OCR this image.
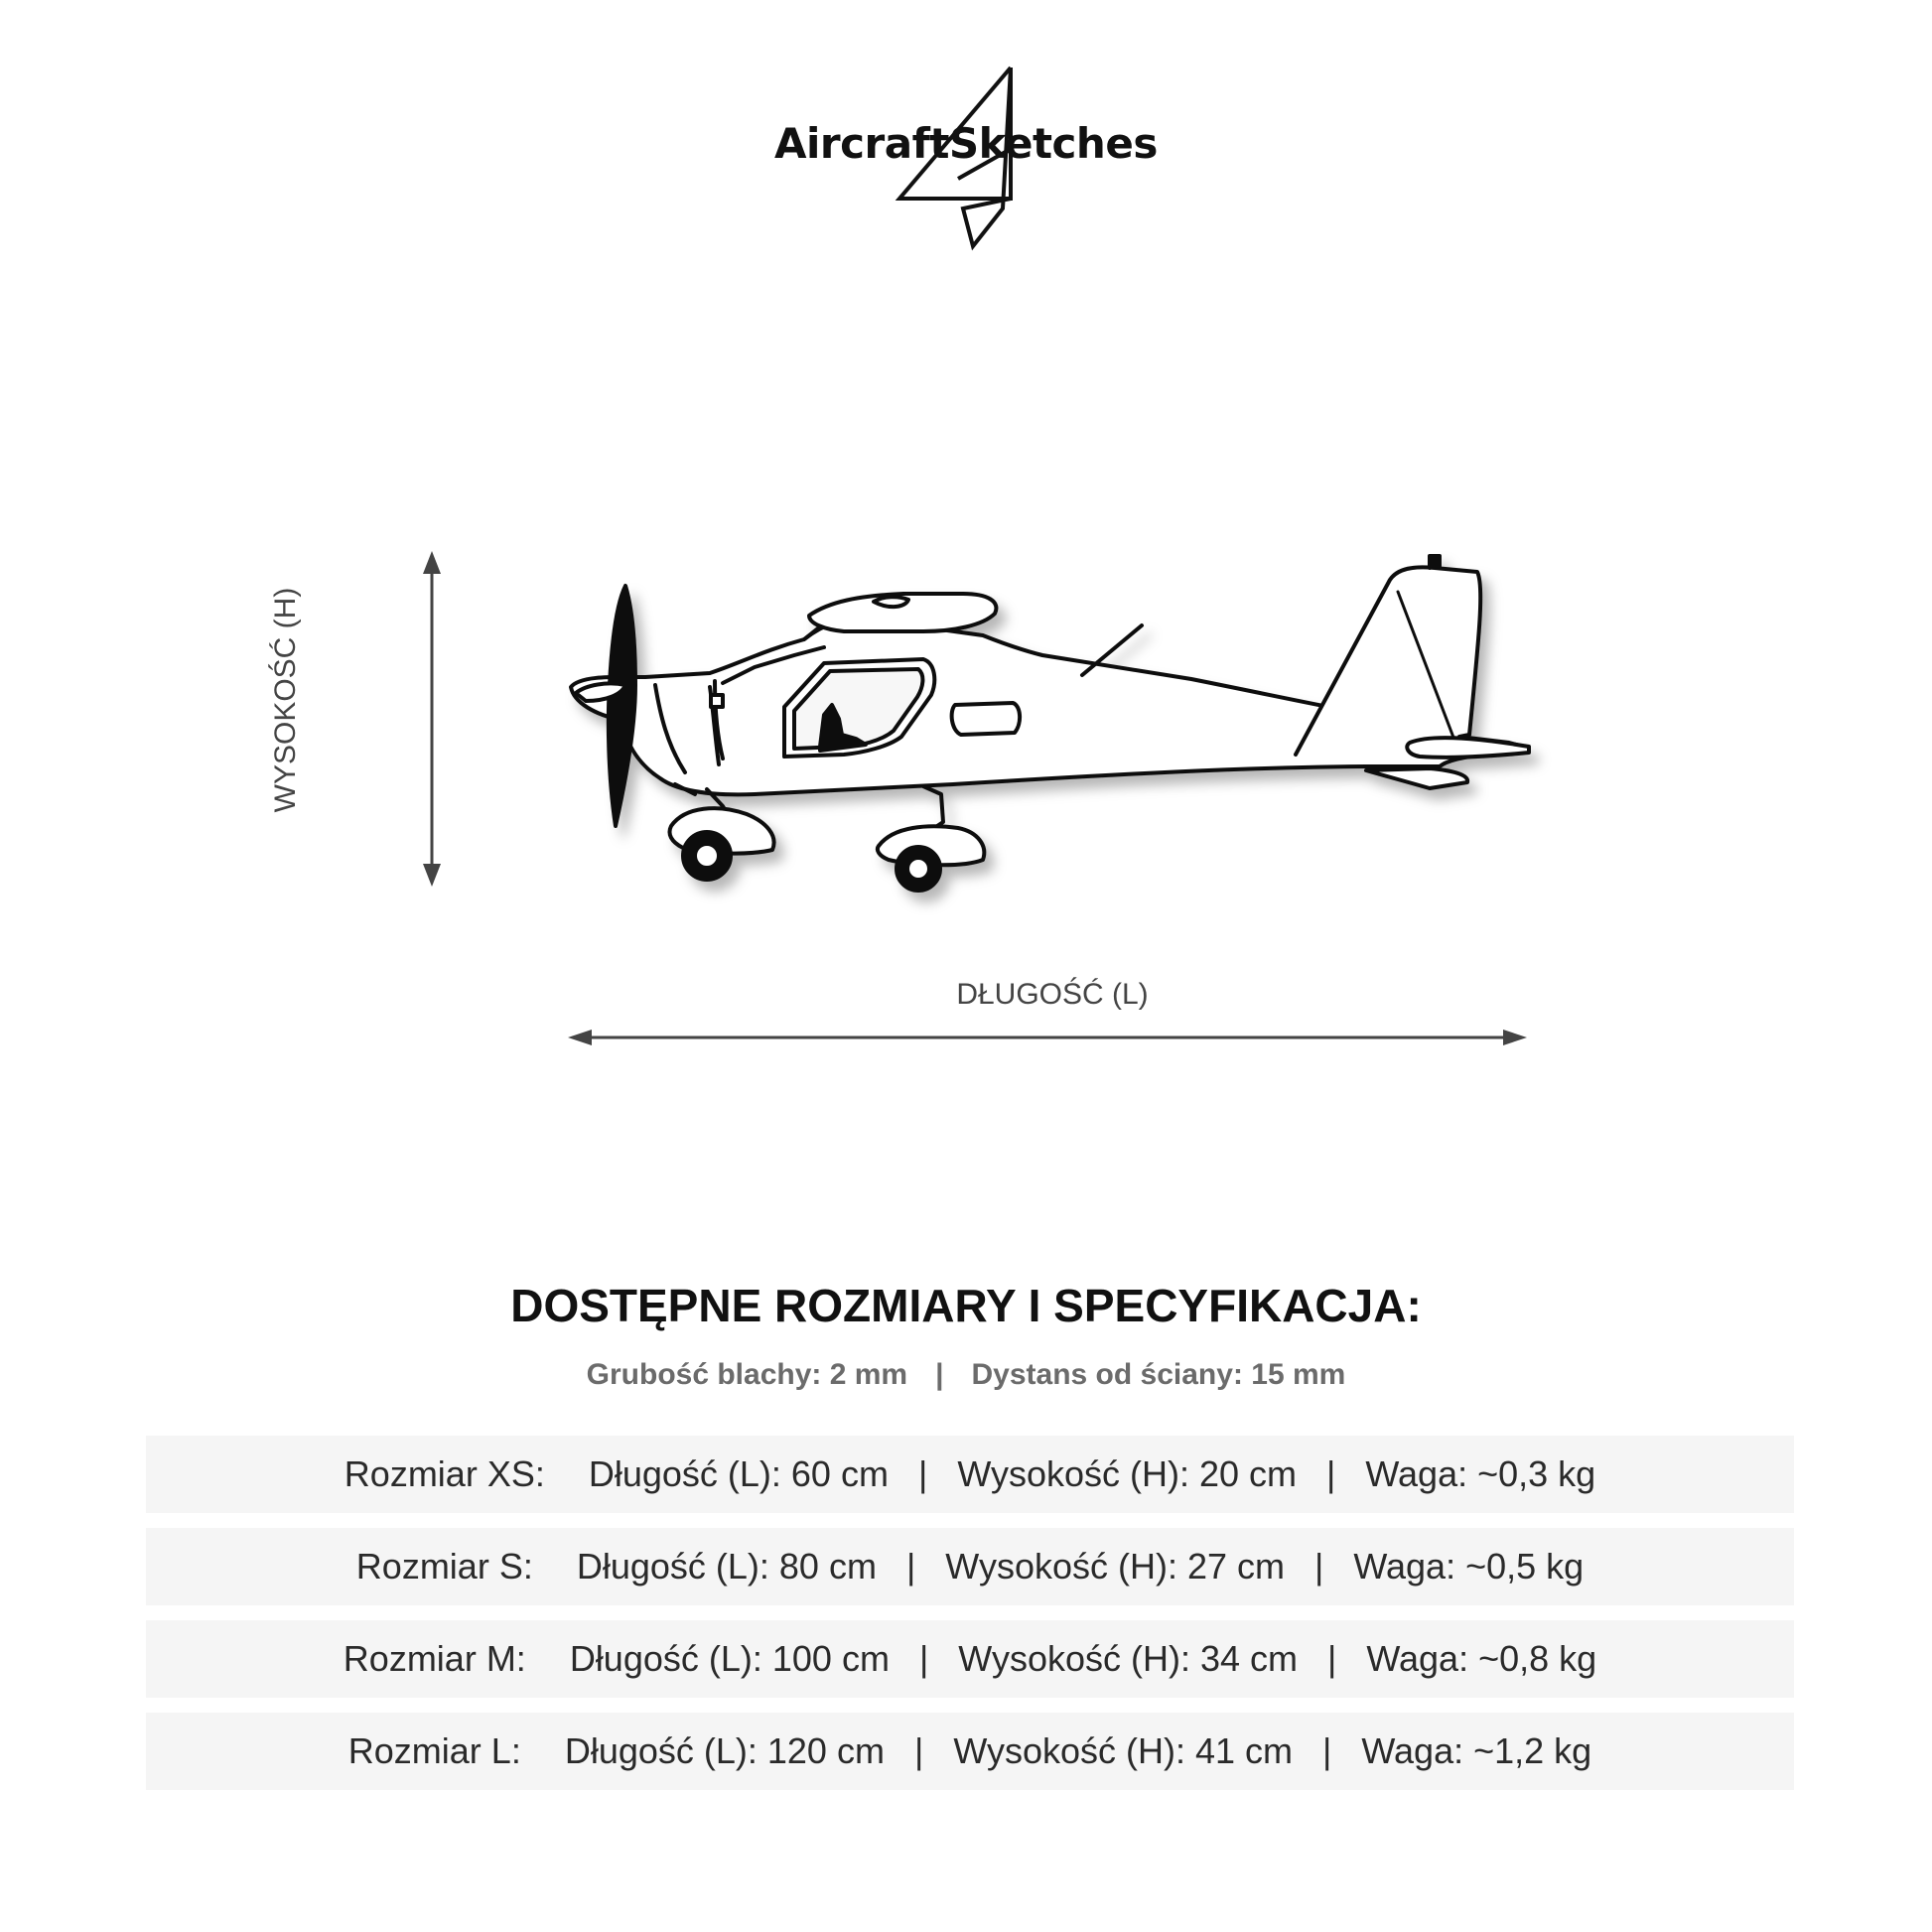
AircraftSketches
WYSOKOŚĆ (H)
DŁUGOŚĆ (L)
DOSTĘPNE ROZMIARY I SPECYFIKACJA:
Grubość blachy: 2 mm | Dystans od ściany: 15 mm
Rozmiar XS: Długość (L): 60 cm | Wysokość (H): 20 cm | Waga: ~0,3 kg
Rozmiar S: Długość (L): 80 cm | Wysokość (H): 27 cm | Waga: ~0,5 kg
Rozmiar M: Długość (L): 100 cm | Wysokość (H): 34 cm | Waga: ~0,8 kg
Rozmiar L: Długość (L): 120 cm | Wysokość (H): 41 cm | Waga: ~1,2 kg
